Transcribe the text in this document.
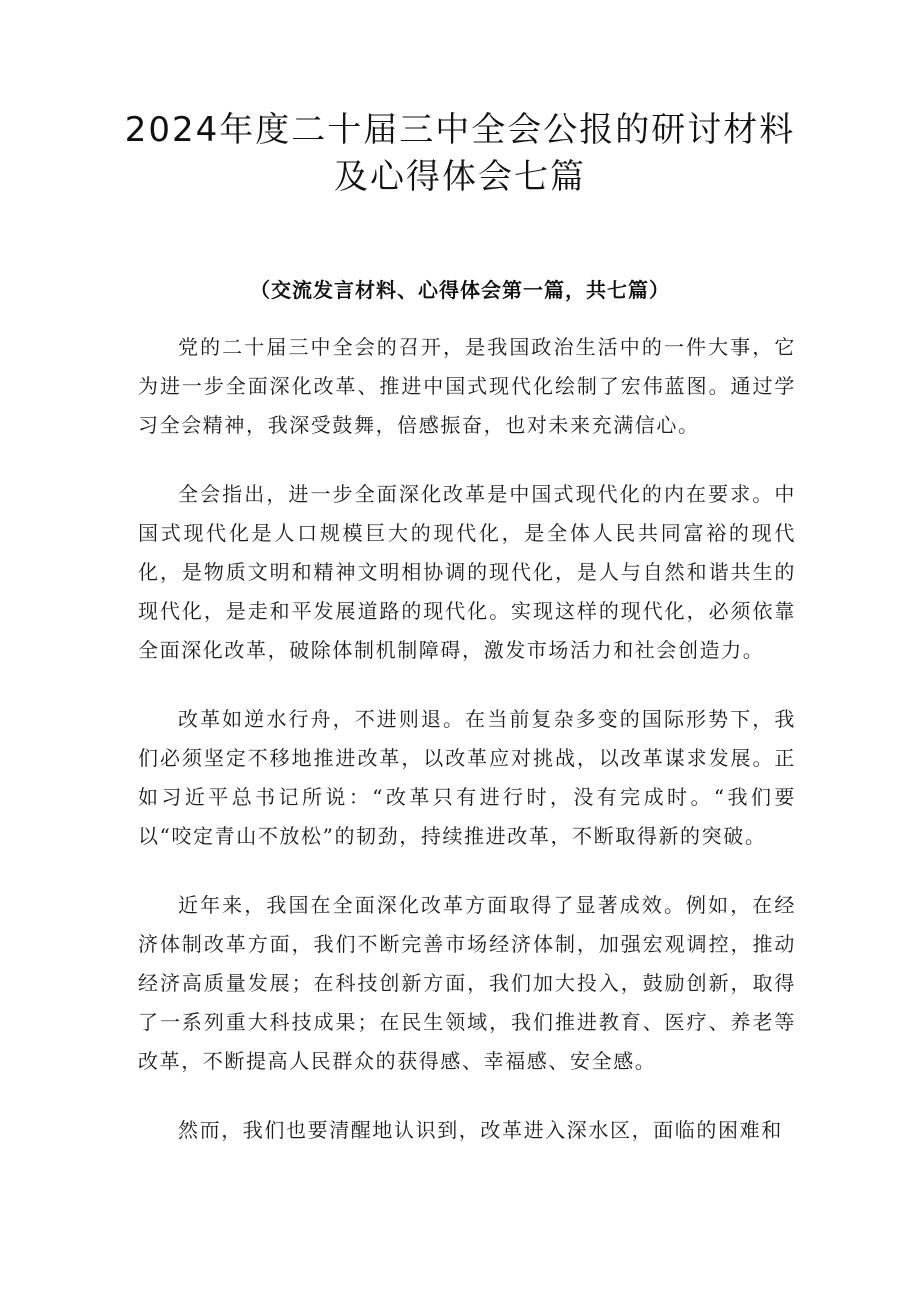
2024年度二十届三中全会公报的研讨材料
及心得体会七篇
（交流发言材料、心得体会第一篇，共七篇）

党的二十届三中全会的召开，是我国政治生活中的一件大事，它为进一步全面深化改革、推进中国式现代化绘制了宏伟蓝图。通过学习全会精神，我深受鼓舞，倍感振奋，也对未来充满信心。

全会指出，进一步全面深化改革是中国式现代化的内在要求。中国式现代化是人口规模巨大的现代化，是全体人民共同富裕的现代化，是物质文明和精神文明相协调的现代化，是人与自然和谐共生的现代化，是走和平发展道路的现代化。实现这样的现代化，必须依靠全面深化改革，破除体制机制障碍，激发市场活力和社会创造力。

改革如逆水行舟，不进则退。在当前复杂多变的国际形势下，我们必须坚定不移地推进改革，以改革应对挑战，以改革谋求发展。正如习近平总书记所说：“改革只有进行时，没有完成时。“我们要以“咬定青山不放松”的韧劲，持续推进改革，不断取得新的突破。

近年来，我国在全面深化改革方面取得了显著成效。例如，在经济体制改革方面，我们不断完善市场经济体制，加强宏观调控，推动经济高质量发展；在科技创新方面，我们加大投入，鼓励创新，取得了一系列重大科技成果；在民生领域，我们推进教育、医疗、养老等改革，不断提高人民群众的获得感、幸福感、安全感。

然而，我们也要清醒地认识到，改革进入深水区，面临的困难和
